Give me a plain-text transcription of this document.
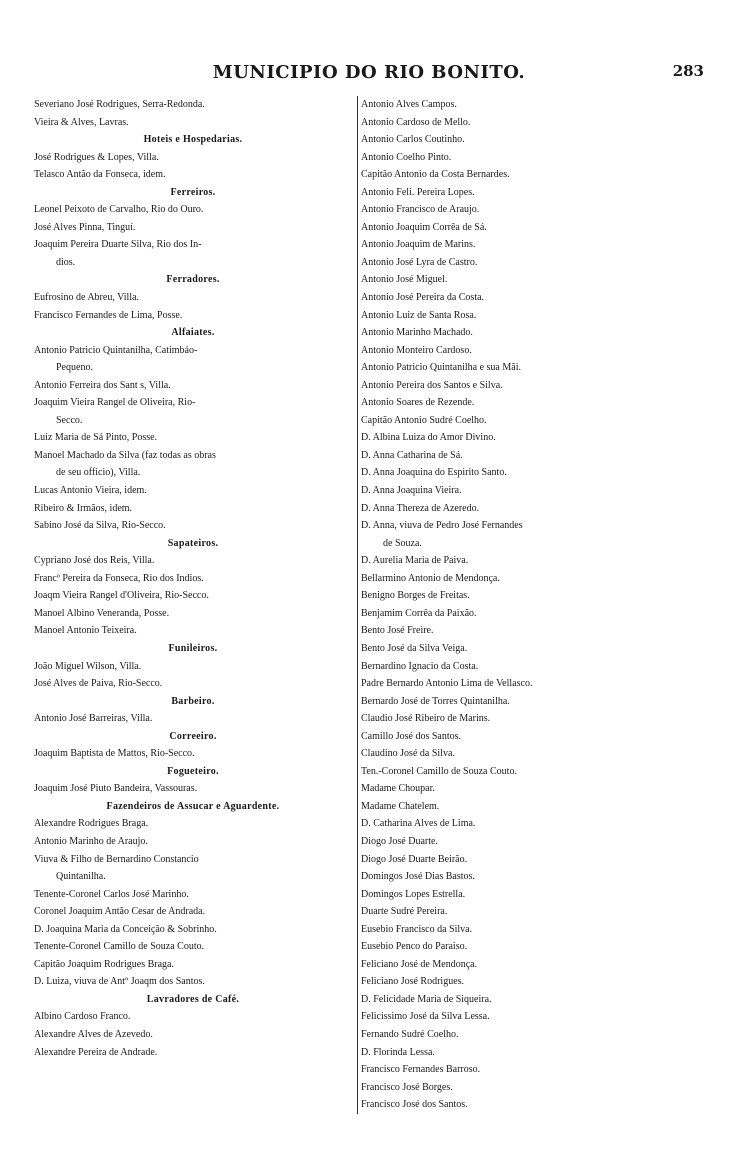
MUNICIPIO DO RIO BONITO.	283
Severiano José Rodrigues, Serra-Redonda.
Vieira & Alves, Lavras.
Hoteis e Hospedarias.
José Rodrigues & Lopes, Villa.
Telasco Antão da Fonseca, idem.
Ferreiros.
Leonel Peixoto de Carvalho, Rio do Ouro.
José Alves Pinna, Tinguí.
Joaquim Pereira Duarte Silva, Rio dos In-
dios.
Ferradores.
Eufrosino de Abreu, Villa.
Francisco Fernandes de Lima, Posse.
Alfaiates.
Antonio Patricio Quintanilha, Catimbáo-
Pequeno.
Antonio Ferreira dos Sant s, Villa.
Joaquim Vieira Rangel de Oliveira, Rio-
Secco.
Luiz Maria de Sá Pinto, Posse.
Manoel Machado da Silva (faz todas as obras
de seu officio), Villa.
Lucas Antonio Vieira, idem.
Ribeiro & Irmãos, idem.
Sabino José da Silva, Rio-Secco.
Sapateiros.
Cypriano José dos Reis, Villa.
Francº Pereira da Fonseca, Rio dos Indios.
Joaqm Vieira Rangel d'Oliveira, Rio-Secco.
Manoel Albino Veneranda, Posse.
Manoel Antonio Teixeira.
Funileiros.
João Miguel Wilson, Villa.
José Alves de Paiva, Rio-Secco.
Barbeiro.
Antonio José Barreiras, Villa.
Correeiro.
Joaquim Baptista de Mattos, Rio-Secco.
Fogueteiro.
Joaquim José Piuto Bandeira, Vassouras.
Fazendeiros de Assucar e Aguardente.
Alexandre Rodrigues Braga.
Antonio Marinho de Araujo.
Viuva & Filho de Bernardino Constancio
Quintanilha.
Tenente-Coronel Carlos José Marinho.
Coronel Joaquim Antão Cesar de Andrada.
D. Joaquina Maria da Conceição & Sobrinho.
Tenente-Coronel Camillo de Souza Couto.
Capitão Joaquim Rodrigues Braga.
D. Luiza, viuva de Antº Joaqm dos Santos.
Lavradores de Café.
Albino Cardoso Franco.
Alexandre Alves de Azevedo.
Alexandre Pereira de Andrade.
Antonio Alves Campos.
Antonio Cardoso de Mello.
Antonio Carlos Coutinho.
Antonio Coelho Pinto.
Capitão Antonio da Costa Bernardes.
Antonio Feli. Pereira Lopes.
Antonio Francisco de Araujo.
Antonio Joaquim Corrêa de Sá.
Antonio Joaquim de Marins.
Antonio José Lyra de Castro.
Antonio José Miguel.
Antonio José Pereira da Costa.
Antonio Luiz de Santa Rosa.
Antonio Marinho Machado.
Antonio Monteiro Cardoso.
Antonio Patricio Quintanilha e sua Mãi.
Antonio Pereira dos Santos e Silva.
Antonio Soares de Rezende.
Capitão Antonio Sudré Coelho.
D. Albina Luiza do Amor Divino.
D. Anna Catharina de Sá.
D. Anna Joaquina do Espirito Santo.
D. Anna Joaquina Vieira.
D. Anna Thereza de Azeredo.
D. Anna, viuva de Pedro José Fernandes
de Souza.
D. Aurelia Maria de Paiva.
Bellarmino Antonio de Mendonça.
Benigno Borges de Freitas.
Benjamim Corrêa da Paixão.
Bento José Freire.
Bento José da Silva Veiga.
Bernardino Ignacio da Costa.
Padre Bernardo Antonio Lima de Vellasco.
Bernardo José de Torres Quintanilha.
Claudio José Ribeiro de Marins.
Camillo José dos Santos.
Claudino José da Silva.
Ten.-Coronel Camillo de Souza Couto.
Madame Choupar.
Madame Chatelem.
D. Catharina Alves de Lima.
Diogo José Duarte.
Diogo José Duarte Beirão.
Domingos José Dias Bastos.
Domingos Lopes Estrella.
Duarte Sudré Pereira.
Eusebio Francisco da Silva.
Eusebio Penco do Paraiso.
Feliciano José de Mendonça.
Feliciano José Rodrigues.
D. Felicidade Maria de Siqueira.
Felicissimo José da Silva Lessa.
Fernando Sudré Coelho.
D. Florinda Lessa.
Francisco Fernandes Barroso.
Francisco José Borges.
Francisco José dos Santos.
